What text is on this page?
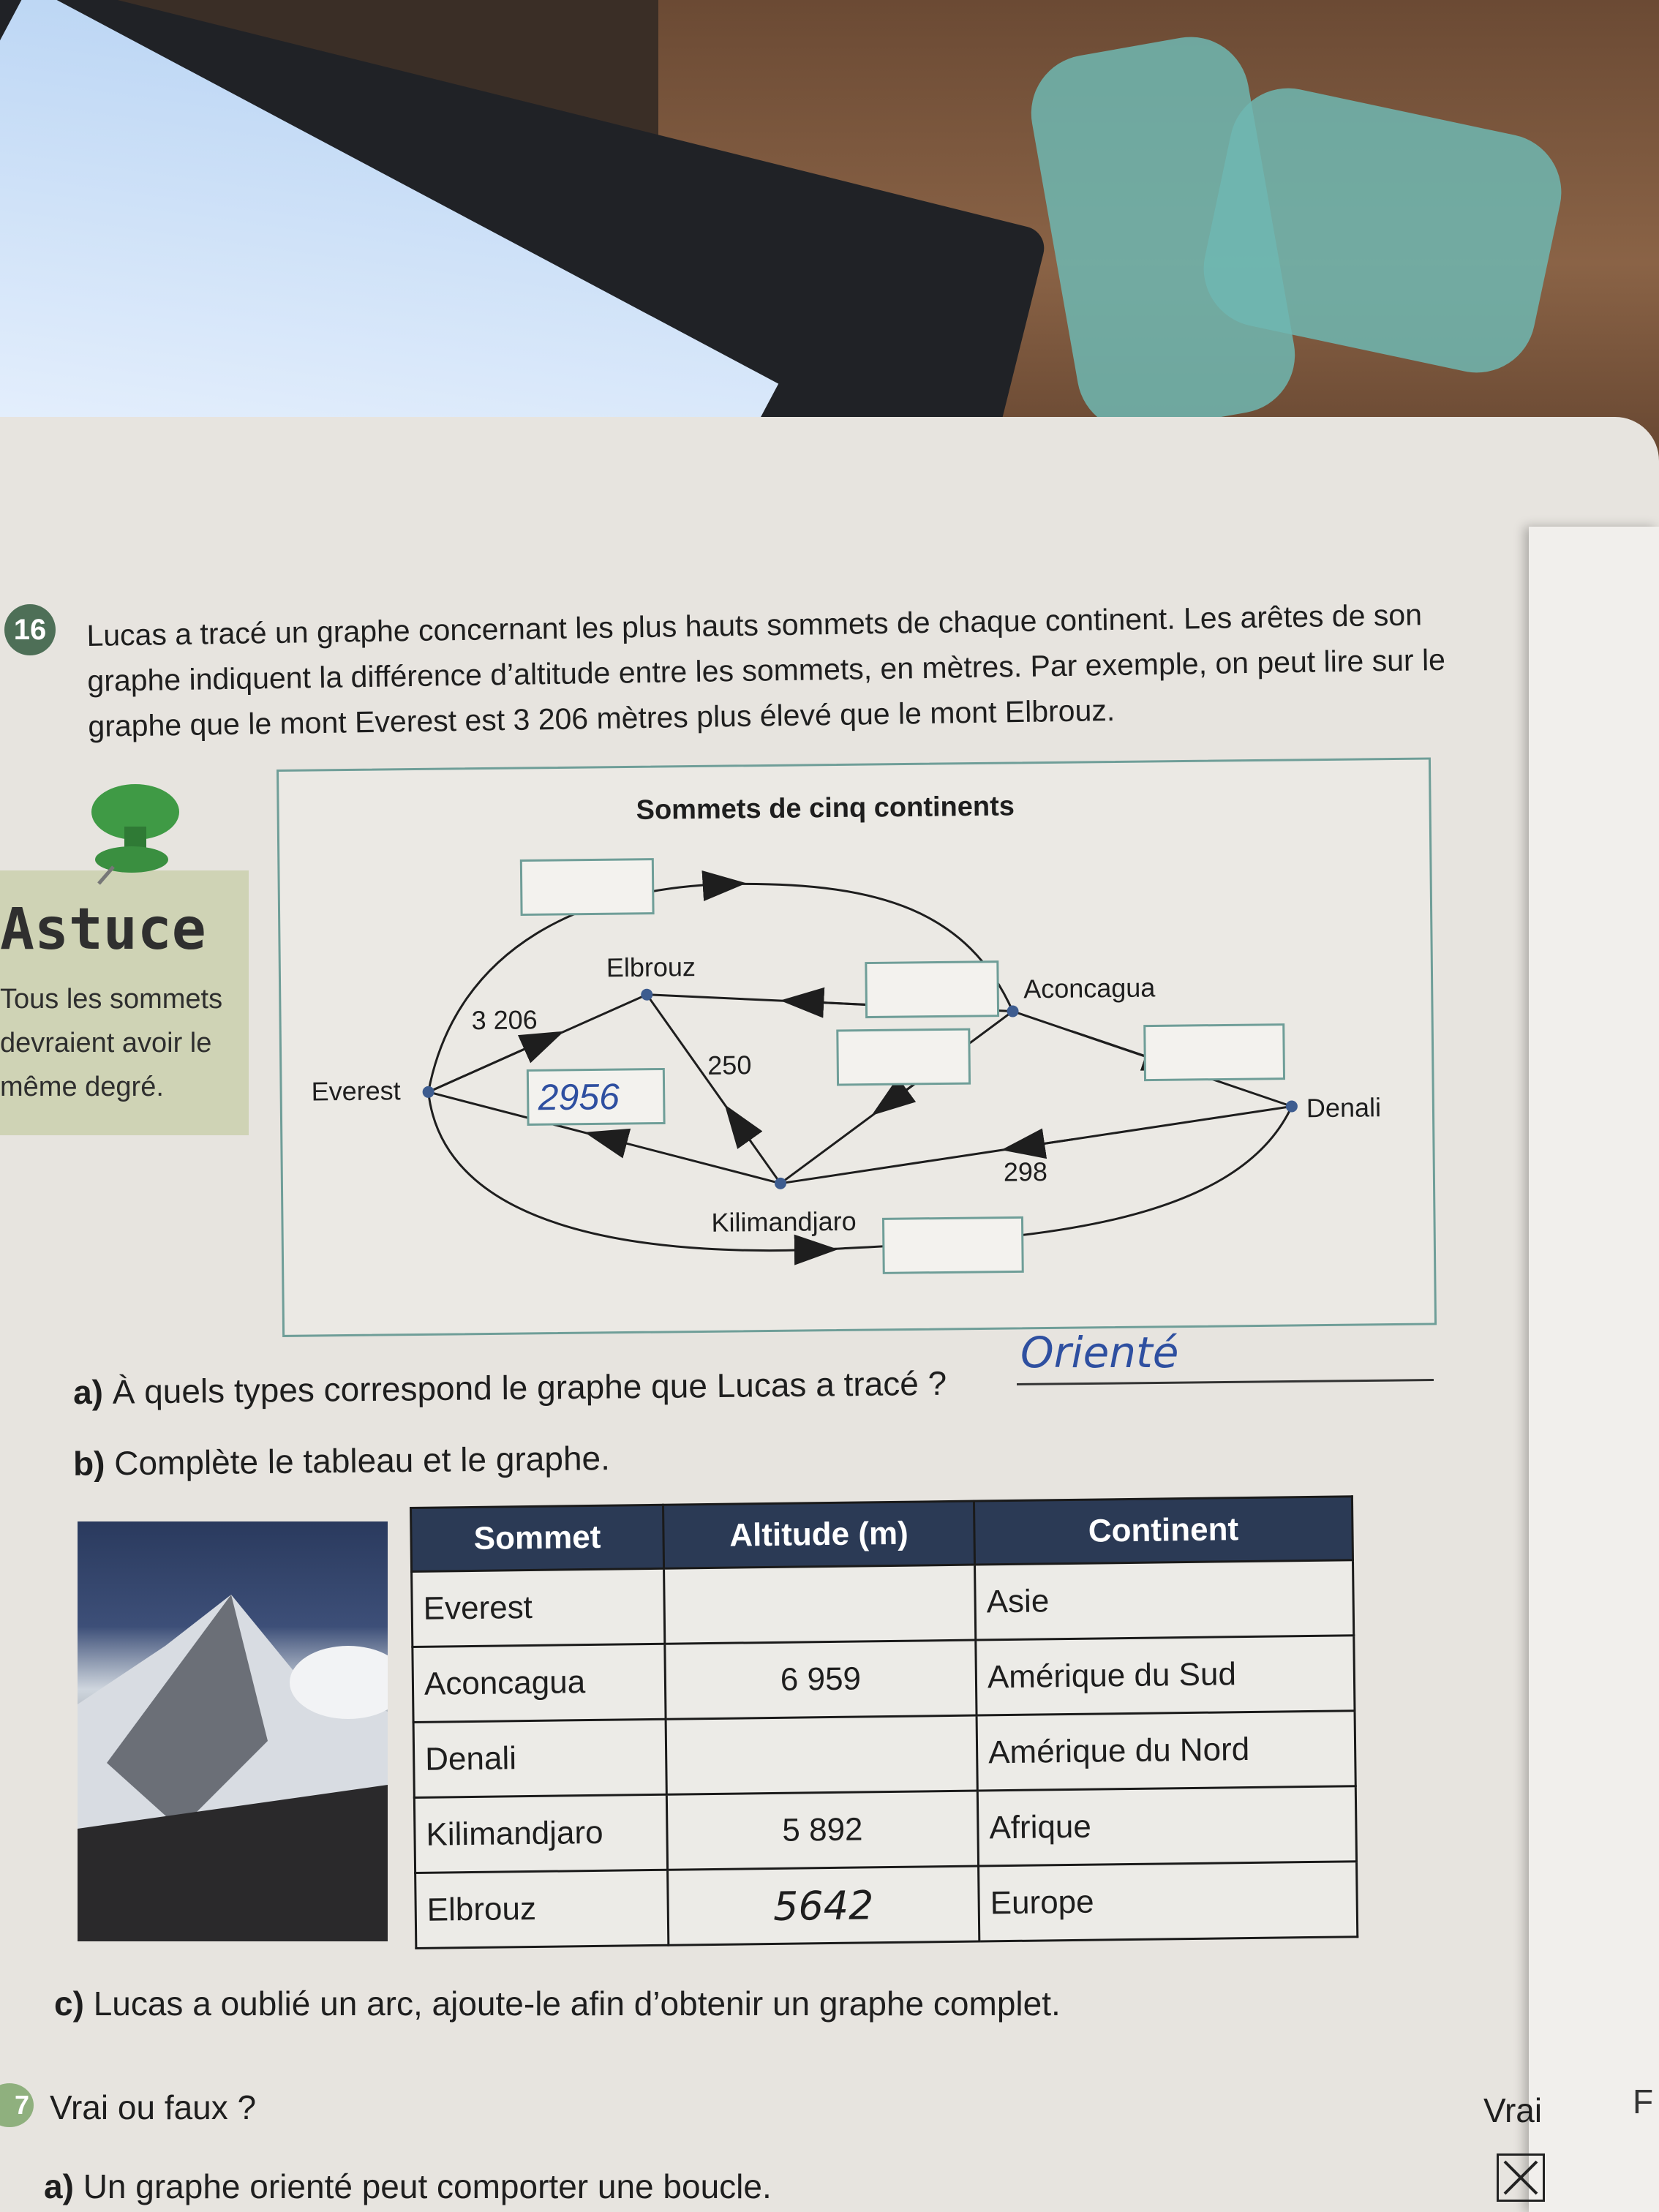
16	Lucas a tracé un graphe concernant les plus hauts sommets de chaque continent. Les arêtes de son graphe indiquent la différence d’altitude entre les sommets, en mètres. Par exemple, on peut lire sur le graphe que le mont Everest est 3 206 mètres plus élevé que le mont Elbrouz.
Astuce
Tous les sommets devraient avoir le même degré.
Sommets de cinq continents
Everest
Elbrouz
Aconcagua
Denali
Kilimandjaro
3 206
250
298
2956
a) À quels types correspond le graphe que Lucas a tracé ?
Orienté
b) Complète le tableau et le graphe.
Sommet	Altitude (m)	Continent
Everest		Asie
Aconcagua	6 959	Amérique du Sud
Denali		Amérique du Nord
Kilimandjaro	5 892	Afrique
Elbrouz	5642	Europe
c) Lucas a oublié un arc, ajoute-le afin d’obtenir un graphe complet.
7 Vrai ou faux ?	Vrai	F
a) Un graphe orienté peut comporter une boucle.
